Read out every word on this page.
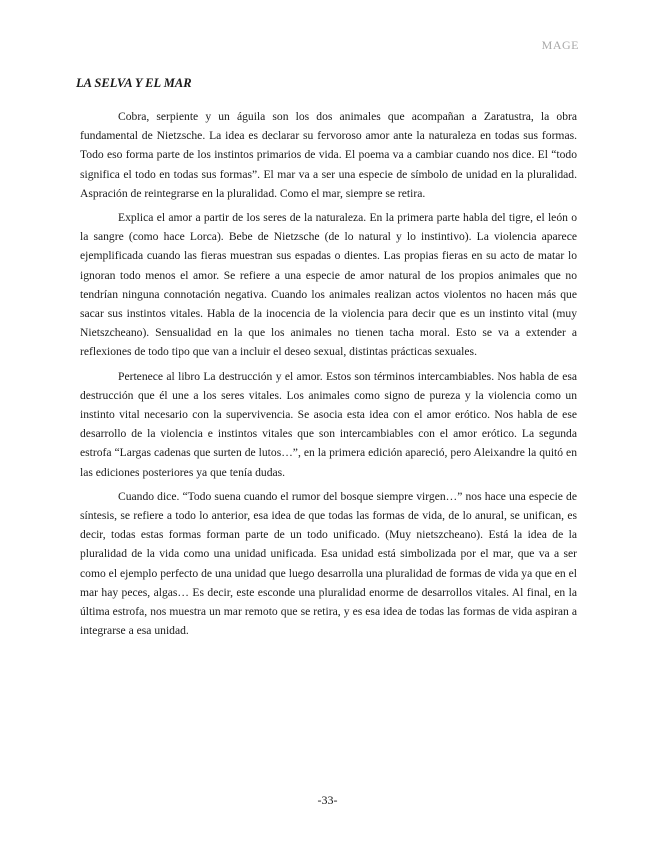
MAGE
LA SELVA Y EL MAR

Cobra, serpiente y un águila son los dos animales que acompañan a Zaratustra, la obra fundamental de Nietzsche. La idea es declarar su fervoroso amor ante la naturaleza en todas sus formas. Todo eso forma parte de los instintos primarios de vida. El poema va a cambiar cuando nos dice. El “todo significa el todo en todas sus formas”. El mar va a ser una especie de símbolo de unidad en la pluralidad. Aspración de reintegrarse en la pluralidad. Como el mar, siempre se retira.

Explica el amor a partir de los seres de la naturaleza. En la primera parte habla del tigre, el león o la sangre (como hace Lorca). Bebe de Nietzsche (de lo natural y lo instintivo). La violencia aparece ejemplificada cuando las fieras muestran sus espadas o dientes. Las propias fieras en su acto de matar lo ignoran todo menos el amor. Se refiere a una especie de amor natural de los propios animales que no tendrían ninguna connotación negativa. Cuando los animales realizan actos violentos no hacen más que sacar sus instintos vitales. Habla de la inocencia de la violencia para decir que es un instinto vital (muy Nietszcheano). Sensualidad en la que los animales no tienen tacha moral. Esto se va a extender a reflexiones de todo tipo que van a incluir el deseo sexual, distintas prácticas sexuales.

Pertenece al libro La destrucción y el amor. Estos son términos intercambiables. Nos habla de esa destrucción que él une a los seres vitales. Los animales como signo de pureza y la violencia como un instinto vital necesario con la supervivencia. Se asocia esta idea con el amor erótico. Nos habla de ese desarrollo de la violencia e instintos vitales que son intercambiables con el amor erótico. La segunda estrofa “Largas cadenas que surten de lutos…”, en la primera edición apareció, pero Aleixandre la quitó en las ediciones posteriores ya que tenía dudas.

Cuando dice. “Todo suena cuando el rumor del bosque siempre virgen…” nos hace una especie de síntesis, se refiere a todo lo anterior, esa idea de que todas las formas de vida, de lo anural, se unifican, es decir, todas estas formas forman parte de un todo unificado. (Muy nietszcheano). Está la idea de la pluralidad de la vida como una unidad unificada. Esa unidad está simbolizada por el mar, que va a ser como el ejemplo perfecto de una unidad que luego desarrolla una pluralidad de formas de vida ya que en el mar hay peces, algas… Es decir, este esconde una pluralidad enorme de desarrollos vitales. Al final, en la última estrofa, nos muestra un mar remoto que se retira, y es esa idea de todas las formas de vida aspiran a integrarse a esa unidad.

-33-
